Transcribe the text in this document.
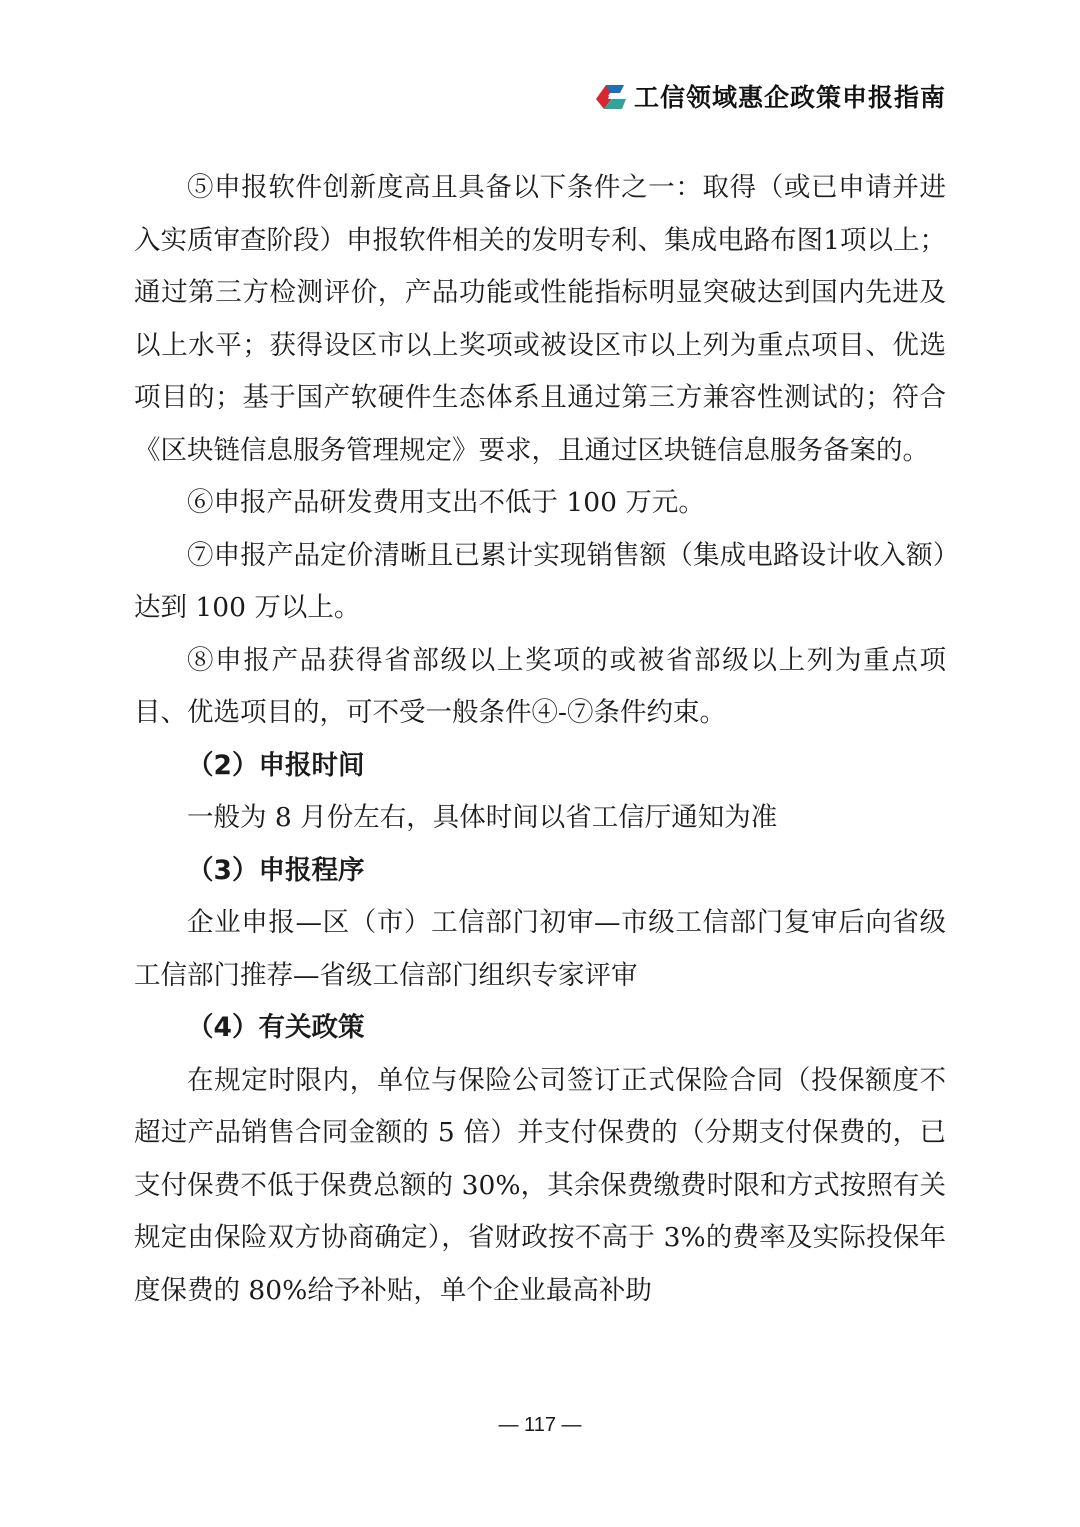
工信领域惠企政策申报指南

⑤申报软件创新度高且具备以下条件之一：取得（或已申请并进入实质审查阶段）申报软件相关的发明专利、集成电路布图1项以上；通过第三方检测评价，产品功能或性能指标明显突破达到国内先进及以上水平；获得设区市以上奖项或被设区市以上列为重点项目、优选项目的；基于国产软硬件生态体系且通过第三方兼容性测试的；符合《区块链信息服务管理规定》要求，且通过区块链信息服务备案的。

⑥申报产品研发费用支出不低于 100 万元。

⑦申报产品定价清晰且已累计实现销售额（集成电路设计收入额）达到 100 万以上。

⑧申报产品获得省部级以上奖项的或被省部级以上列为重点项目、优选项目的，可不受一般条件④-⑦条件约束。

（2）申报时间

一般为 8 月份左右，具体时间以省工信厅通知为准

（3）申报程序

企业申报—区（市）工信部门初审—市级工信部门复审后向省级工信部门推荐—省级工信部门组织专家评审

（4）有关政策

在规定时限内，单位与保险公司签订正式保险合同（投保额度不超过产品销售合同金额的 5 倍）并支付保费的（分期支付保费的，已支付保费不低于保费总额的 30%，其余保费缴费时限和方式按照有关规定由保险双方协商确定），省财政按不高于 3%的费率及实际投保年度保费的 80%给予补贴，单个企业最高补助

— 117 —
